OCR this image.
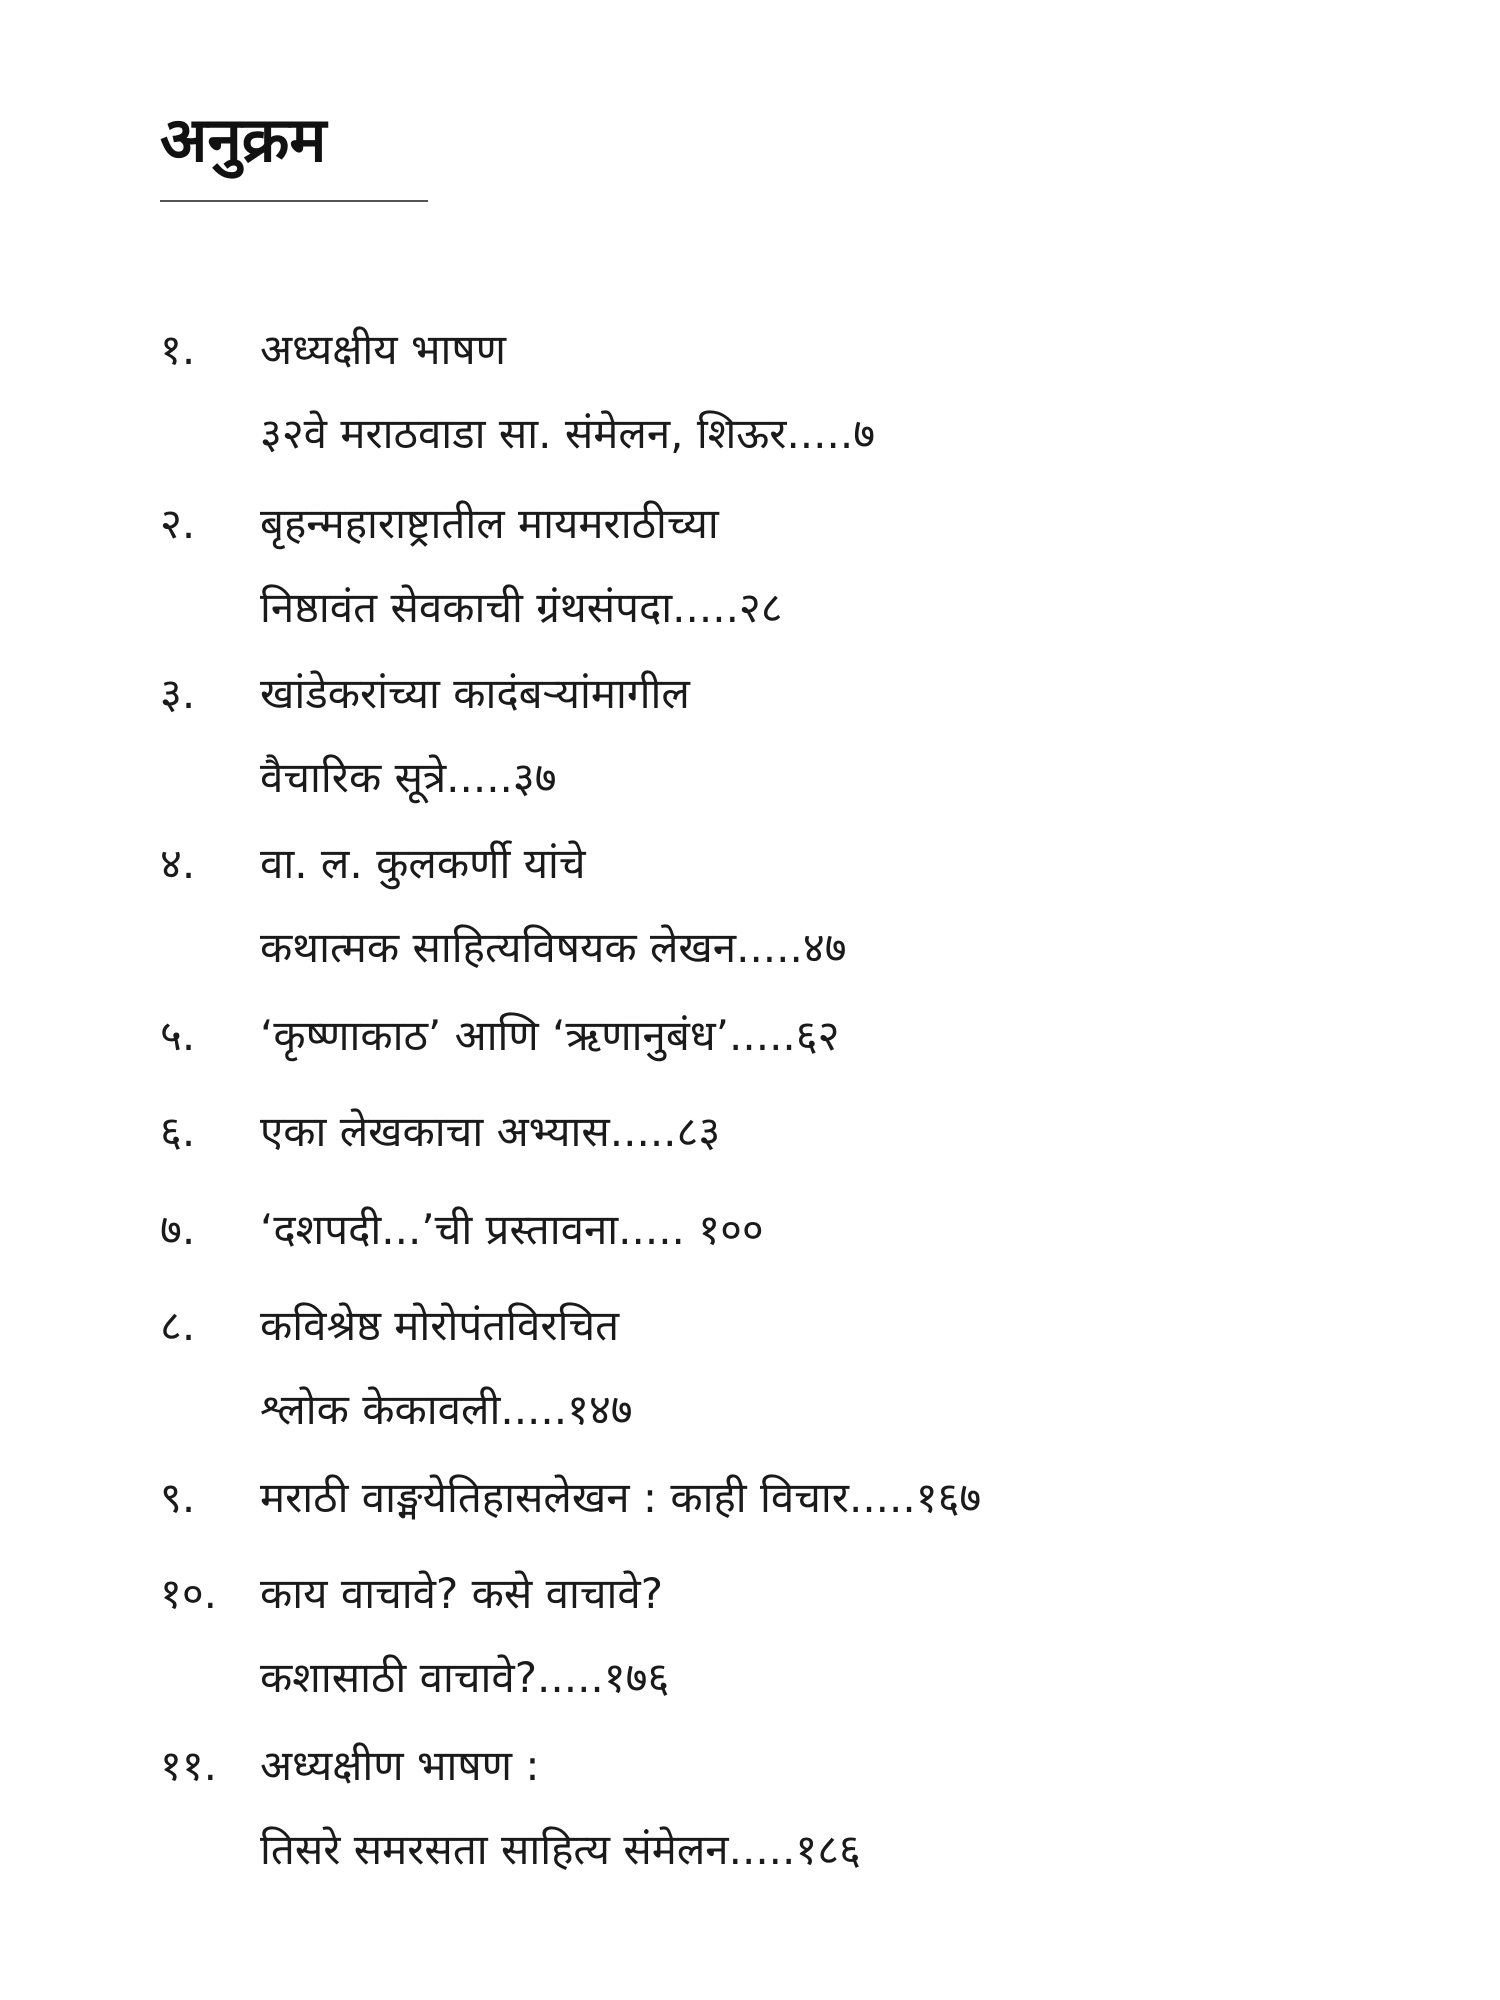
अनुक्रम
१.	अध्यक्षीय भाषण
३२वे मराठवाडा सा. संमेलन, शिऊर.....७
२.	बृहन्महाराष्ट्रातील मायमराठीच्या
निष्ठावंत सेवकाची ग्रंथसंपदा.....२८
३.	खांडेकरांच्या कादंबऱ्यांमागील
वैचारिक सूत्रे.....३७
४.	वा. ल. कुलकर्णी यांचे
कथात्मक साहित्यविषयक लेखन.....४७
५.	‘कृष्णाकाठ’ आणि ‘ऋणानुबंध’.....६२
६.	एका लेखकाचा अभ्यास.....८३
७.	‘दशपदी...’ची प्रस्तावना..... १००
८.	कविश्रेष्ठ मोरोपंतविरचित
श्लोक केकावली.....१४७
९.	मराठी वाङ्मयेतिहासलेखन : काही विचार.....१६७
१०.	काय वाचावे? कसे वाचावे?
कशासाठी वाचावे?.....१७६
११.	अध्यक्षीण भाषण :
तिसरे समरसता साहित्य संमेलन.....१८६
